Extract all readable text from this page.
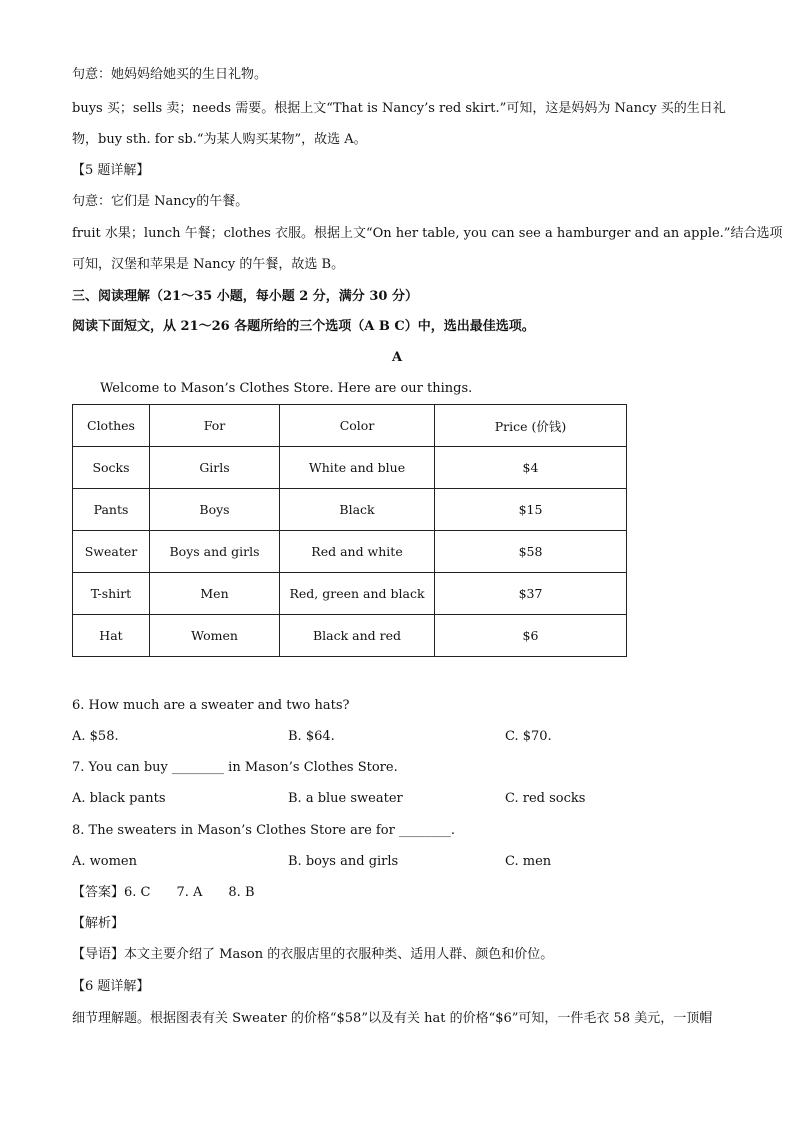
句意：她妈妈给她买的生日礼物。
buys 买；sells 卖；needs 需要。根据上文“That is Nancy’s red skirt.”可知，这是妈妈为 Nancy 买的生日礼
物，buy sth. for sb.“为某人购买某物”，故选 A。
【5 题详解】
句意：它们是 Nancy的午餐。
fruit 水果；lunch 午餐；clothes 衣服。根据上文“On her table, you can see a hamburger and an apple.”结合选项
可知，汉堡和苹果是 Nancy 的午餐，故选 B。
三、阅读理解（21～35 小题，每小题 2 分，满分 30 分）
阅读下面短文，从 21～26 各题所给的三个选项（A B C）中，选出最佳选项。
A
Welcome to Mason’s Clothes Store. Here are our things.
Clothes	For	Color	Price (价钱)
Socks	Girls	White and blue	$4
Pants	Boys	Black	$15
Sweater	Boys and girls	Red and white	$58
T-shirt	Men	Red, green and black	$37
Hat	Women	Black and red	$6
6. How much are a sweater and two hats?
A. $58.	B. $64.	C. $70.
7. You can buy ________ in Mason’s Clothes Store.
A. black pants	B. a blue sweater	C. red socks
8. The sweaters in Mason’s Clothes Store are for ________.
A. women	B. boys and girls	C. men
【答案】6. C　　7. A　　8. B
【解析】
【导语】本文主要介绍了 Mason 的衣服店里的衣服种类、适用人群、颜色和价位。
【6 题详解】
细节理解题。根据图表有关 Sweater 的价格“$58”以及有关 hat 的价格“$6”可知，一件毛衣 58 美元，一顶帽
